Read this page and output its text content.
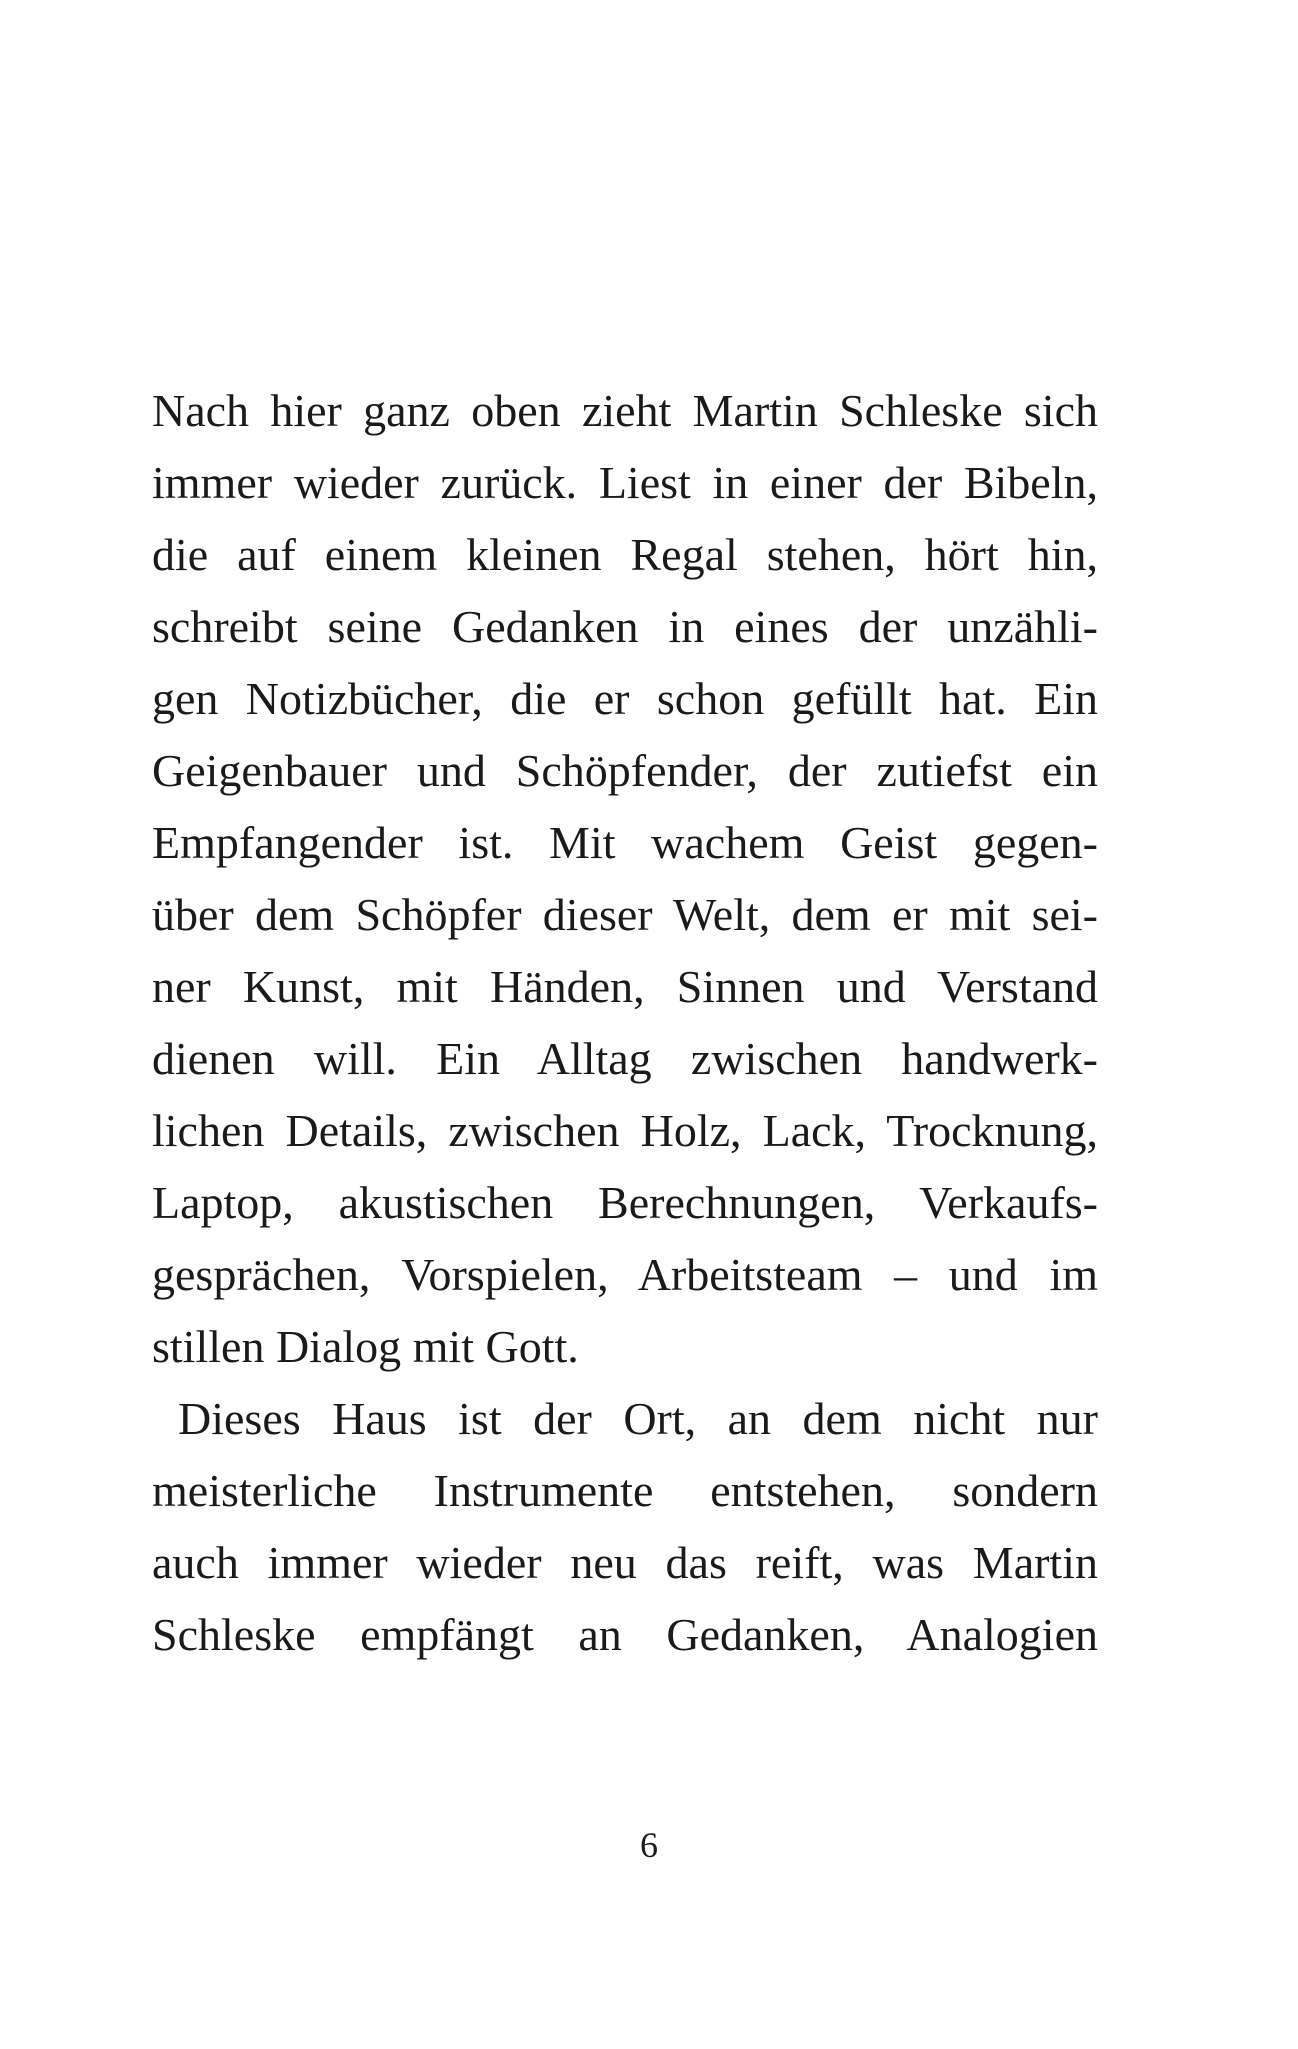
Nach hier ganz oben zieht Martin Schleske sich
immer wieder zurück. Liest in einer der Bibeln,
die auf einem kleinen Regal stehen, hört hin,
schreibt seine Gedanken in eines der unzähli-
gen Notizbücher, die er schon gefüllt hat. Ein
Geigenbauer und Schöpfender, der zutiefst ein
Empfangender ist. Mit wachem Geist gegen-
über dem Schöpfer dieser Welt, dem er mit sei-
ner Kunst, mit Händen, Sinnen und Verstand
dienen will. Ein Alltag zwischen handwerk-
lichen Details, zwischen Holz, Lack, Trocknung,
Laptop, akustischen Berechnungen, Verkaufs-
gesprächen, Vorspielen, Arbeitsteam – und im
stillen Dialog mit Gott.
Dieses Haus ist der Ort, an dem nicht nur
meisterliche Instrumente entstehen, sondern
auch immer wieder neu das reift, was Martin
Schleske empfängt an Gedanken, Analogien
6
